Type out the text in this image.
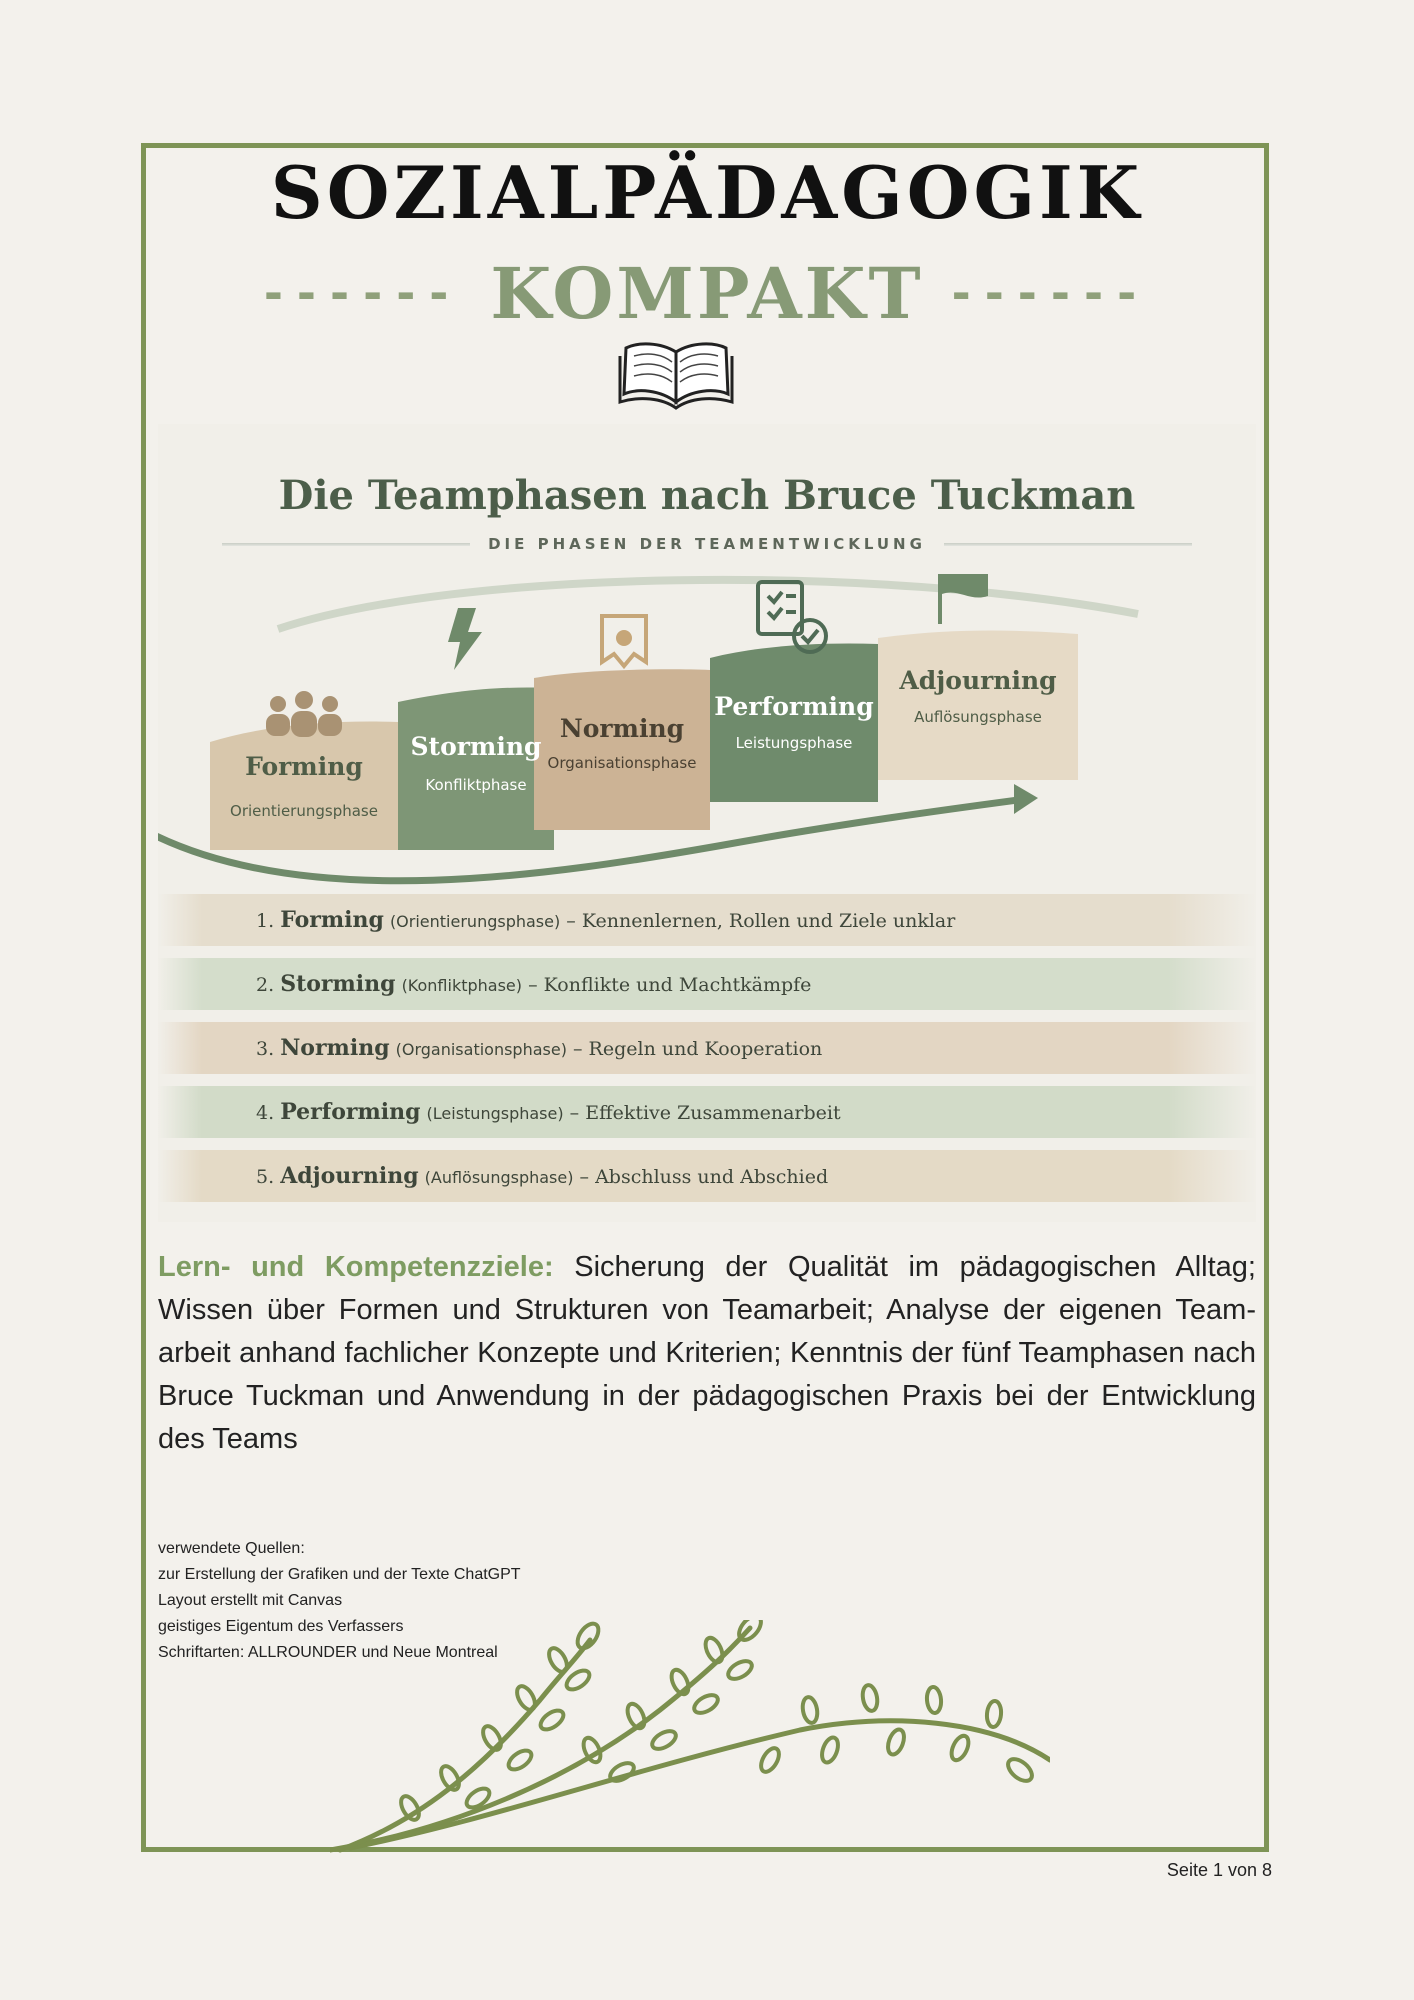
SOZIALPÄDAGOGIK
------ KOMPAKT ------
Die Teamphasen nach Bruce Tuckman
DIE PHASEN DER TEAMENTWICKLUNG
Forming
Orientierungsphase
Storming
Konfliktphase
Norming
Organisationsphase
Performing
Leistungsphase
Adjourning
Auflösungsphase
1. Forming (Orientierungsphase) – Kennenlernen, Rollen und Ziele unklar
2. Storming (Konfliktphase) – Konflikte und Machtkämpfe
3. Norming (Organisationsphase) – Regeln und Kooperation
4. Performing (Leistungsphase) – Effektive Zusammenarbeit
5. Adjourning (Auflösungsphase) – Abschluss und Abschied
Lern- und Kompetenzziele: Sicherung der Qualität im pädagogischen Alltag; Wissen über Formen und Strukturen von Teamarbeit; Analyse der eigenen Team-arbeit anhand fachlicher Konzepte und Kriterien; Kenntnis der fünf Teamphasen nach Bruce Tuckman und Anwendung in der pädagogischen Praxis bei der Entwicklung des Teams
verwendete Quellen:
zur Erstellung der Grafiken und der Texte ChatGPT
Layout erstellt mit Canvas
geistiges Eigentum des Verfassers
Schriftarten: ALLROUNDER und Neue Montreal
Seite 1 von 8
